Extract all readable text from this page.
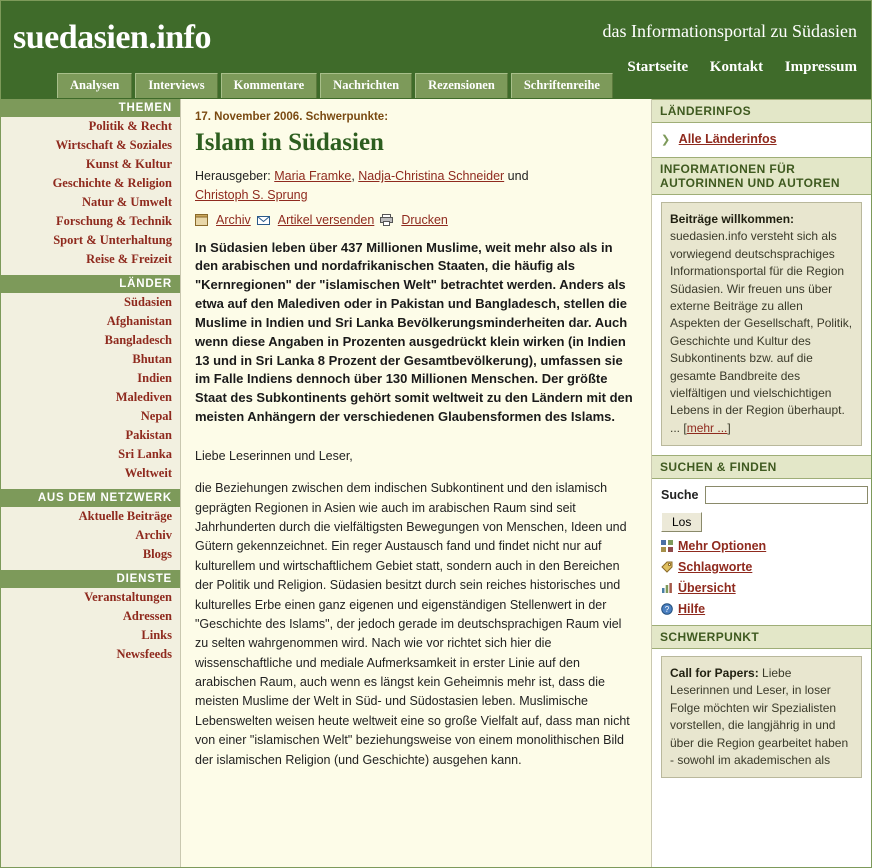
suedasien.info	das Informationsportal zu Südasien
Startseite Kontakt Impressum
Analysen	Interviews	Kommentare	Nachrichten	Rezensionen	Schriftenreihe
THEMEN
Politik & Recht
Wirtschaft & Soziales
Kunst & Kultur
Geschichte & Religion
Natur & Umwelt
Forschung & Technik
Sport & Unterhaltung
Reise & Freizeit
LÄNDER
Südasien
Afghanistan
Bangladesch
Bhutan
Indien
Malediven
Nepal
Pakistan
Sri Lanka
Weltweit
AUS DEM NETZWERK
Aktuelle Beiträge
Archiv
Blogs
DIENSTE
Veranstaltungen
Adressen
Links
Newsfeeds
17. November 2006. Schwerpunkte:
Islam in Südasien
Herausgeber: Maria Framke, Nadja-Christina Schneider und
Christoph S. Sprung
Archiv Artikel versenden Drucken
In Südasien leben über 437 Millionen Muslime, weit mehr also als in den arabischen und nordafrikanischen Staaten, die häufig als "Kernregionen" der "islamischen Welt" betrachtet werden. Anders als etwa auf den Malediven oder in Pakistan und Bangladesch, stellen die Muslime in Indien und Sri Lanka Bevölkerungsminderheiten dar. Auch wenn diese Angaben in Prozenten ausgedrückt klein wirken (in Indien 13 und in Sri Lanka 8 Prozent der Gesamtbevölkerung), umfassen sie im Falle Indiens dennoch über 130 Millionen Menschen. Der größte Staat des Subkontinents gehört somit weltweit zu den Ländern mit den meisten Anhängern der verschiedenen Glaubensformen des Islams.
Liebe Leserinnen und Leser,
die Beziehungen zwischen dem indischen Subkontinent und den islamisch geprägten Regionen in Asien wie auch im arabischen Raum sind seit Jahrhunderten durch die vielfältigsten Bewegungen von Menschen, Ideen und Gütern gekennzeichnet. Ein reger Austausch fand und findet nicht nur auf kulturellem und wirtschaftlichem Gebiet statt, sondern auch in den Bereichen der Politik und Religion. Südasien besitzt durch sein reiches historisches und kulturelles Erbe einen ganz eigenen und eigenständigen Stellenwert in der "Geschichte des Islams", der jedoch gerade im deutschsprachigen Raum viel zu selten wahrgenommen wird. Nach wie vor richtet sich hier die wissenschaftliche und mediale Aufmerksamkeit in erster Linie auf den arabischen Raum, auch wenn es längst kein Geheimnis mehr ist, dass die meisten Muslime der Welt in Süd- und Südostasien leben. Muslimische Lebenswelten weisen heute weltweit eine so große Vielfalt auf, dass man nicht von einer "islamischen Welt" beziehungsweise von einem monolithischen Bild der islamischen Religion (und Geschichte) ausgehen kann.
LÄNDERINFOS
❯ Alle Länderinfos
INFORMATIONEN FÜR
AUTORINNEN UND AUTOREN
Beiträge willkommen: suedasien.info versteht sich als vorwiegend deutschsprachiges Informationsportal für die Region Südasien. Wir freuen uns über externe Beiträge zu allen Aspekten der Gesellschaft, Politik, Geschichte und Kultur des Subkontinents bzw. auf die gesamte Bandbreite des vielfältigen und vielschichtigen Lebens in der Region überhaupt. ... [mehr ...]
SUCHEN & FINDEN
Suche
Los
Mehr Optionen
Schlagworte
Übersicht
? Hilfe
SCHWERPUNKT
Call for Papers: Liebe Leserinnen und Leser, in loser Folge möchten wir Spezialisten vorstellen, die langjährig in und über die Region gearbeitet haben - sowohl im akademischen als
